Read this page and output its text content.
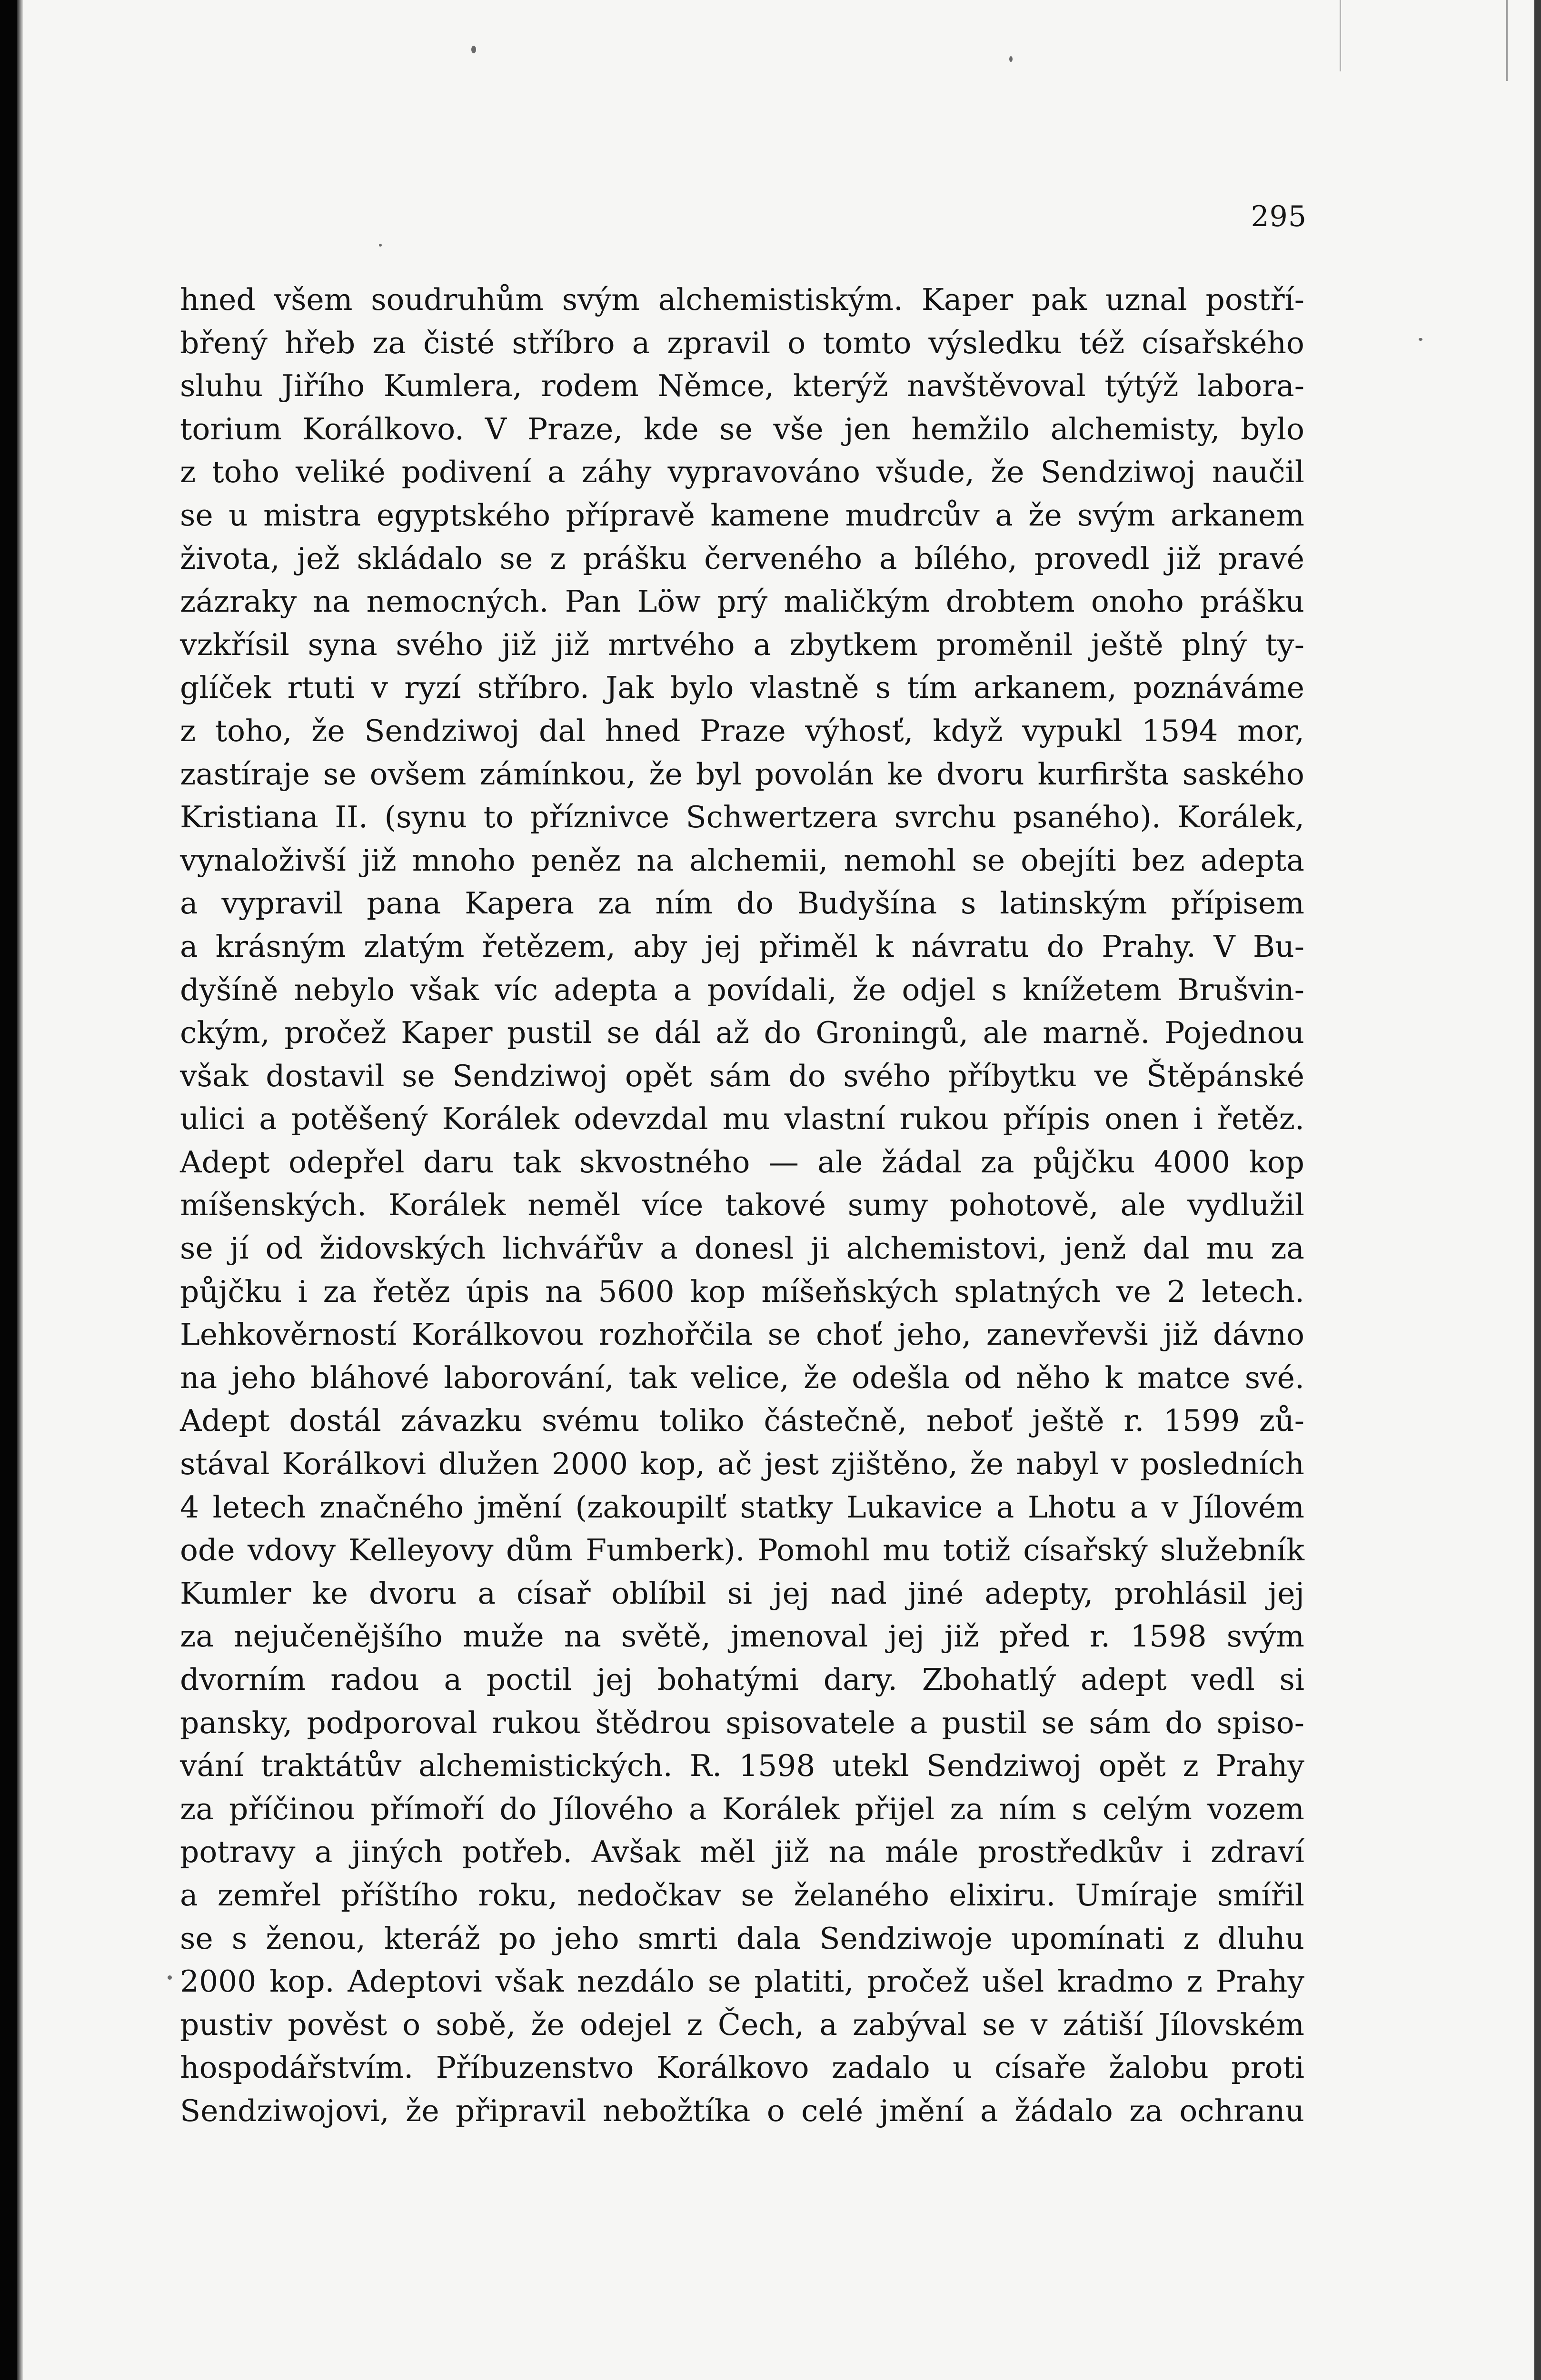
295
hned všem soudruhům svým alchemistiským. Kaper pak uznal postří-
břený hřeb za čisté stříbro a zpravil o tomto výsledku též císařského
sluhu Jiřího Kumlera, rodem Němce, kterýž navštěvoval týtýž labora-
torium Korálkovo. V Praze, kde se vše jen hemžilo alchemisty, bylo
z toho veliké podivení a záhy vypravováno všude, že Sendziwoj naučil
se u mistra egyptského přípravě kamene mudrcův a že svým arkanem
života, jež skládalo se z prášku červeného a bílého, provedl již pravé
zázraky na nemocných. Pan Löw prý maličkým drobtem onoho prášku
vzkřísil syna svého již již mrtvého a zbytkem proměnil ještě plný ty-
glíček rtuti v ryzí stříbro. Jak bylo vlastně s tím arkanem, poznáváme
z toho, že Sendziwoj dal hned Praze výhosť, když vypukl 1594 mor,
zastíraje se ovšem zámínkou, že byl povolán ke dvoru kurfiršta saského
Kristiana II. (synu to příznivce Schwertzera svrchu psaného). Korálek,
vynaloživší již mnoho peněz na alchemii, nemohl se obejíti bez adepta
a vypravil pana Kapera za ním do Budyšína s latinským přípisem
a krásným zlatým řetězem, aby jej přiměl k návratu do Prahy. V Bu-
dyšíně nebylo však víc adepta a povídali, že odjel s knížetem Brušvin-
ckým, pročež Kaper pustil se dál až do Groningů, ale marně. Pojednou
však dostavil se Sendziwoj opět sám do svého příbytku ve Štěpánské
ulici a potěšený Korálek odevzdal mu vlastní rukou přípis onen i řetěz.
Adept odepřel daru tak skvostného — ale žádal za půjčku 4000 kop
míšenských. Korálek neměl více takové sumy pohotově, ale vydlužil
se jí od židovských lichvářův a donesl ji alchemistovi, jenž dal mu za
půjčku i za řetěz úpis na 5600 kop míšeňských splatných ve 2 letech.
Lehkověrností Korálkovou rozhořčila se choť jeho, zanevřevši již dávno
na jeho bláhové laborování, tak velice, že odešla od něho k matce své.
Adept dostál závazku svému toliko částečně, neboť ještě r. 1599 zů-
stával Korálkovi dlužen 2000 kop, ač jest zjištěno, že nabyl v posledních
4 letech značného jmění (zakoupilť statky Lukavice a Lhotu a v Jílovém
ode vdovy Kelleyovy dům Fumberk). Pomohl mu totiž císařský služebník
Kumler ke dvoru a císař oblíbil si jej nad jiné adepty, prohlásil jej
za nejučenějšího muže na světě, jmenoval jej již před r. 1598 svým
dvorním radou a poctil jej bohatými dary. Zbohatlý adept vedl si
pansky, podporoval rukou štědrou spisovatele a pustil se sám do spiso-
vání traktátův alchemistických. R. 1598 utekl Sendziwoj opět z Prahy
za příčinou přímoří do Jílového a Korálek přijel za ním s celým vozem
potravy a jiných potřeb. Avšak měl již na mále prostředkův i zdraví
a zemřel příštího roku, nedočkav se želaného elixiru. Umíraje smířil
se s ženou, kteráž po jeho smrti dala Sendziwoje upomínati z dluhu
2000 kop. Adeptovi však nezdálo se platiti, pročež ušel kradmo z Prahy
pustiv pověst o sobě, že odejel z Čech, a zabýval se v zátiší Jílovském
hospodářstvím. Příbuzenstvo Korálkovo zadalo u císaře žalobu proti
Sendziwojovi, že připravil nebožtíka o celé jmění a žádalo za ochranu
